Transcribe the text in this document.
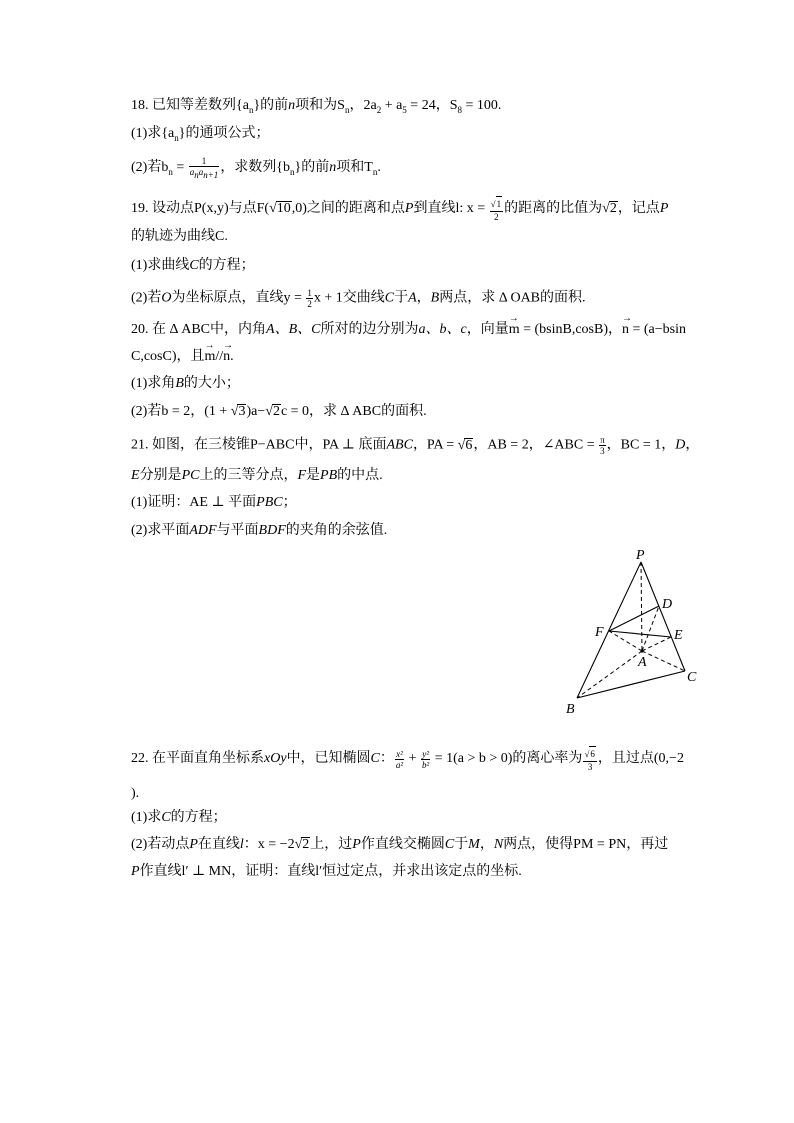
18. 已知等差数列$\{a_n\}$的前n项和为$S_n$，$2a_2 + a_5 = 24$，$S_8 = 100$.
(1)求$\{a_n\}$的通项公式；
(2)若$b_n = \frac{1}{a_na_{n+1}}$ ，求数列$\{b_n\}$的前n项和$T_n$.
19. 设动点P(x,y)与点F(√10,0)之间的距离和点P到直线l: $x = \frac{√1}{2}$ 的距离的比值为√2，记点P
的轨迹为曲线C.
(1)求曲线C的方程；
(2)若O为坐标原点，直线$y = \frac{1}{2}$ x + 1交曲线C于A，B两点，求 Δ OAB的面积.
20. 在 Δ ABC中，内角A、B、C所对的边分别为a、b、c，向量→ m = (bsinB,cosB)，→ n = (a−bsin
C,cosC)，且→ m//→ n.
(1)求角B的大小；
(2)若b = 2，(1 + √3)a−√2c = 0，求 Δ ABC的面积.
21. 如图，在三棱锥P−ABC中，PA ⊥ 底面ABC，PA = √6，AB = 2，∠ABC = $\frac{\pi}{3}$ ，BC = 1，D，
E分别是PC上的三等分点，F是PB的中点.
(1)证明：AE ⊥ 平面PBC；
(2)求平面ADF与平面BDF的夹角的余弦值.
P
D
F	E
A
C
B
22. 在平面直角坐标系xOy中，已知椭圆C： $\frac{\text{x²}}{\text{a²}} + \frac{\text{y²}}{\text{b²}} = 1(a > b > 0)$的离心率为 $\frac{√6}{3}$ ，且过点(0,−2
).
(1)求C的方程；
(2)若动点P在直线l：x = −2√2上，过P作直线交椭圆C于M，N两点，使得PM = PN，再过
P作直线l′ ⊥ MN，证明：直线l′恒过定点，并求出该定点的坐标.
